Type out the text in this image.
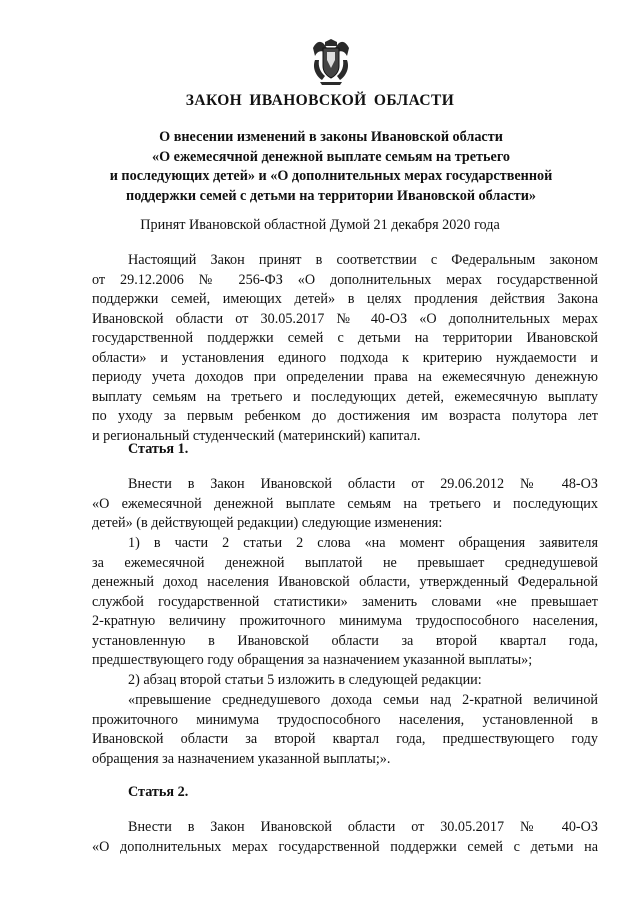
ЗАКОН ИВАНОВСКОЙ ОБЛАСТИ
О внесении изменений в законы Ивановской области
«О ежемесячной денежной выплате семьям на третьего
и последующих детей» и «О дополнительных мерах государственной
поддержки семей с детьми на территории Ивановской области»
Принят Ивановской областной Думой 21 декабря 2020 года
Настоящий Закон принят в соответствии с Федеральным законом
от 29.12.2006 № 256-ФЗ «О дополнительных мерах государственной
поддержки семей, имеющих детей» в целях продления действия Закона
Ивановской области от 30.05.2017 № 40-ОЗ «О дополнительных мерах
государственной поддержки семей с детьми на территории Ивановской
области» и установления единого подхода к критерию нуждаемости и
периоду учета доходов при определении права на ежемесячную денежную
выплату семьям на третьего и последующих детей, ежемесячную выплату
по уходу за первым ребенком до достижения им возраста полутора лет
и региональный студенческий (материнский) капитал.
Статья 1.
Внести в Закон Ивановской области от 29.06.2012 № 48-ОЗ
«О ежемесячной денежной выплате семьям на третьего и последующих
детей» (в действующей редакции) следующие изменения:
1) в части 2 статьи 2 слова «на момент обращения заявителя
за ежемесячной денежной выплатой не превышает среднедушевой
денежный доход населения Ивановской области, утвержденный Федеральной
службой государственной статистики» заменить словами «не превышает
2-кратную величину прожиточного минимума трудоспособного населения,
установленную в Ивановской области за второй квартал года,
предшествующего году обращения за назначением указанной выплаты»;
2) абзац второй статьи 5 изложить в следующей редакции:
«превышение среднедушевого дохода семьи над 2-кратной величиной
прожиточного минимума трудоспособного населения, установленной в
Ивановской области за второй квартал года, предшествующего году
обращения за назначением указанной выплаты;».
Статья 2.
Внести в Закон Ивановской области от 30.05.2017 № 40-ОЗ
«О дополнительных мерах государственной поддержки семей с детьми на
